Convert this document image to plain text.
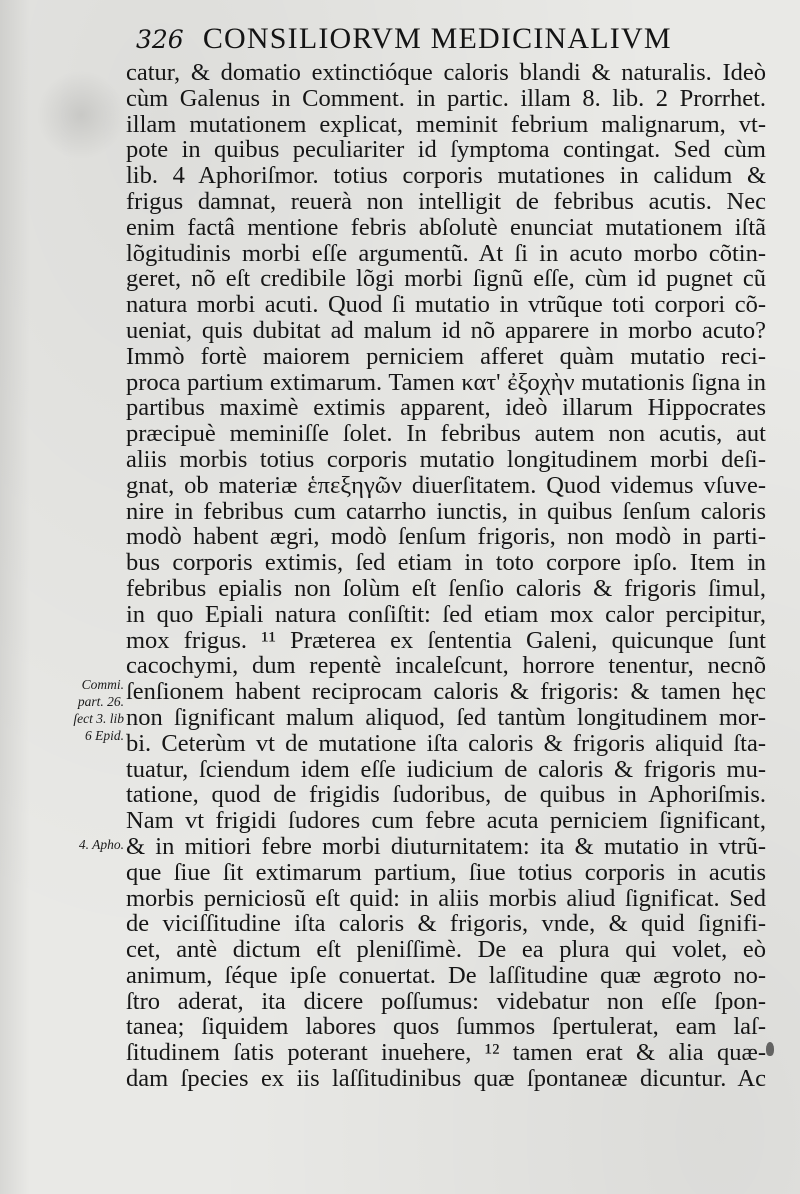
326 CONSILIORVM MEDICINALIVM
catur, & domatio extinctióque caloris blandi & naturalis. Ideò
cùm Galenus in Comment. in partic. illam 8. lib. 2 Prorrhet.
illam mutationem explicat, meminit febrium malignarum, vt-
pote in quibus peculiariter id ſymptoma contingat. Sed cùm
lib. 4 Aphoriſmor. totius corporis mutationes in calidum &
frigus damnat, reuerà non intelligit de febribus acutis. Nec
enim factâ mentione febris abſolutè enunciat mutationem iſtã
lõgitudinis morbi eſſe argumentũ. At ſi in acuto morbo cõtin-
geret, nõ eſt credibile lõgi morbi ſignũ eſſe, cùm id pugnet cũ
natura morbi acuti. Quod ſi mutatio in vtrũque toti corpori cõ-
ueniat, quis dubitat ad malum id nõ apparere in morbo acuto?
Immò fortè maiorem perniciem afferet quàm mutatio reci-
proca partium extimarum. Tamen κατ' ἐξοχὴν mutationis ſigna in
partibus maximè extimis apparent, ideò illarum Hippocrates
præcipuè meminiſſe ſolet. In febribus autem non acutis, aut
aliis morbis totius corporis mutatio longitudinem morbi deſi-
gnat, ob materiæ ἑπεξηγῶν diuerſitatem. Quod videmus vſuve-
nire in febribus cum catarrho iunctis, in quibus ſenſum caloris
modò habent ægri, modò ſenſum frigoris, non modò in parti-
bus corporis extimis, ſed etiam in toto corpore ipſo. Item in
febribus epialis non ſolùm eſt ſenſio caloris & frigoris ſimul,
in quo Epiali natura conſiſtit: ſed etiam mox calor percipitur,
mox frigus. ¹¹ Præterea ex ſententia Galeni, quicunque ſunt
cacochymi, dum repentè incaleſcunt, horrore tenentur, necnõ
ſenſionem habent reciprocam caloris & frigoris: & tamen hęc
non ſignificant malum aliquod, ſed tantùm longitudinem mor-
bi. Ceterùm vt de mutatione iſta caloris & frigoris aliquid ſta-
tuatur, ſciendum idem eſſe iudicium de caloris & frigoris mu-
tatione, quod de frigidis ſudoribus, de quibus in Aphoriſmis.
Nam vt frigidi ſudores cum febre acuta perniciem ſignificant,
& in mitiori febre morbi diuturnitatem: ita & mutatio in vtrũ-
que ſiue ſit extimarum partium, ſiue totius corporis in acutis
morbis perniciosũ eſt quid: in aliis morbis aliud ſignificat. Sed
de viciſſitudine iſta caloris & frigoris, vnde, & quid ſignifi-
cet, antè dictum eſt pleniſſimè. De ea plura qui volet, eò
animum, ſéque ipſe conuertat. De laſſitudine quæ ægroto no-
ſtro aderat, ita dicere poſſumus: videbatur non eſſe ſpon-
tanea; ſiquidem labores quos ſummos ſpertulerat, eam laſ-
ſitudinem ſatis poterant inuehere, ¹² tamen erat & alia quæ-
dam ſpecies ex iis laſſitudinibus quæ ſpontaneæ dicuntur. Ac
Commi.
part. 26.
ſect 3. lib
6 Epid.
4. Apho.
